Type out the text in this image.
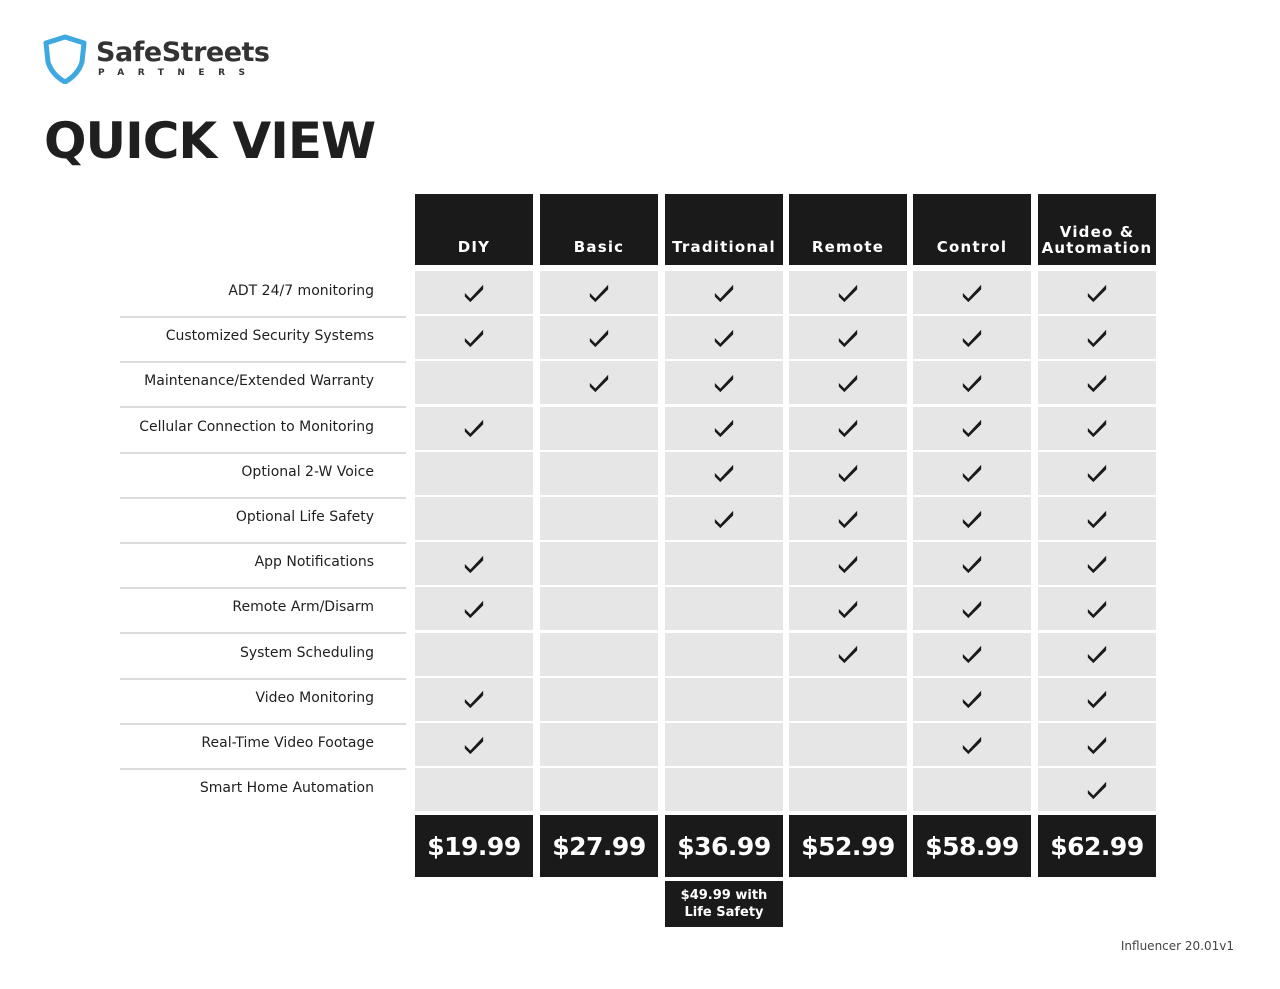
SafeStreets
PARTNERS
QUICK VIEW
DIY
$19.99
Basic
$27.99
Traditional
$36.99
$49.99 with
Life Safety
Remote
$52.99
Control
$58.99
Video &
Automation
$62.99
ADT 24/7 monitoring
Customized Security Systems
Maintenance/Extended Warranty
Cellular Connection to Monitoring
Optional 2-W Voice
Optional Life Safety
App Notifications
Remote Arm/Disarm
System Scheduling
Video Monitoring
Real-Time Video Footage
Smart Home Automation
Influencer 20.01v1
